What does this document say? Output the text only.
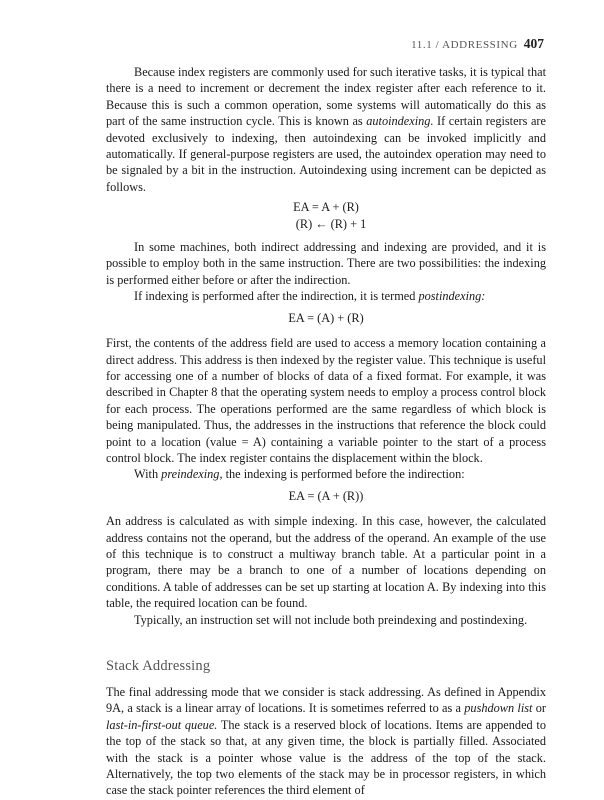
11.1 / ADDRESSING 407

Because index registers are commonly used for such iterative tasks, it is typical that there is a need to increment or decrement the index register after each reference to it. Because this is such a common operation, some systems will automatically do this as part of the same instruction cycle. This is known as autoindexing. If certain registers are devoted exclusively to indexing, then autoindexing can be invoked implicitly and automatically. If general-purpose registers are used, the autoindex operation may need to be signaled by a bit in the instruction. Autoindexing using increment can be depicted as follows.

EA = A + (R)
(R) ← (R) + 1

In some machines, both indirect addressing and indexing are provided, and it is possible to employ both in the same instruction. There are two possibilities: the indexing is performed either before or after the indirection.

If indexing is performed after the indirection, it is termed postindexing:

EA = (A) + (R)

First, the contents of the address field are used to access a memory location containing a direct address. This address is then indexed by the register value. This technique is useful for accessing one of a number of blocks of data of a fixed format. For example, it was described in Chapter 8 that the operating system needs to employ a process control block for each process. The operations performed are the same regardless of which block is being manipulated. Thus, the addresses in the instructions that reference the block could point to a location (value = A) containing a variable pointer to the start of a process control block. The index register contains the displacement within the block.

With preindexing, the indexing is performed before the indirection:

EA = (A + (R))

An address is calculated as with simple indexing. In this case, however, the calculated address contains not the operand, but the address of the operand. An example of the use of this technique is to construct a multiway branch table. At a particular point in a program, there may be a branch to one of a number of locations depending on conditions. A table of addresses can be set up starting at location A. By indexing into this table, the required location can be found.

Typically, an instruction set will not include both preindexing and postindexing.

Stack Addressing

The final addressing mode that we consider is stack addressing. As defined in Appendix 9A, a stack is a linear array of locations. It is sometimes referred to as a pushdown list or last-in-first-out queue. The stack is a reserved block of locations. Items are appended to the top of the stack so that, at any given time, the block is partially filled. Associated with the stack is a pointer whose value is the address of the top of the stack. Alternatively, the top two elements of the stack may be in processor registers, in which case the stack pointer references the third element of
